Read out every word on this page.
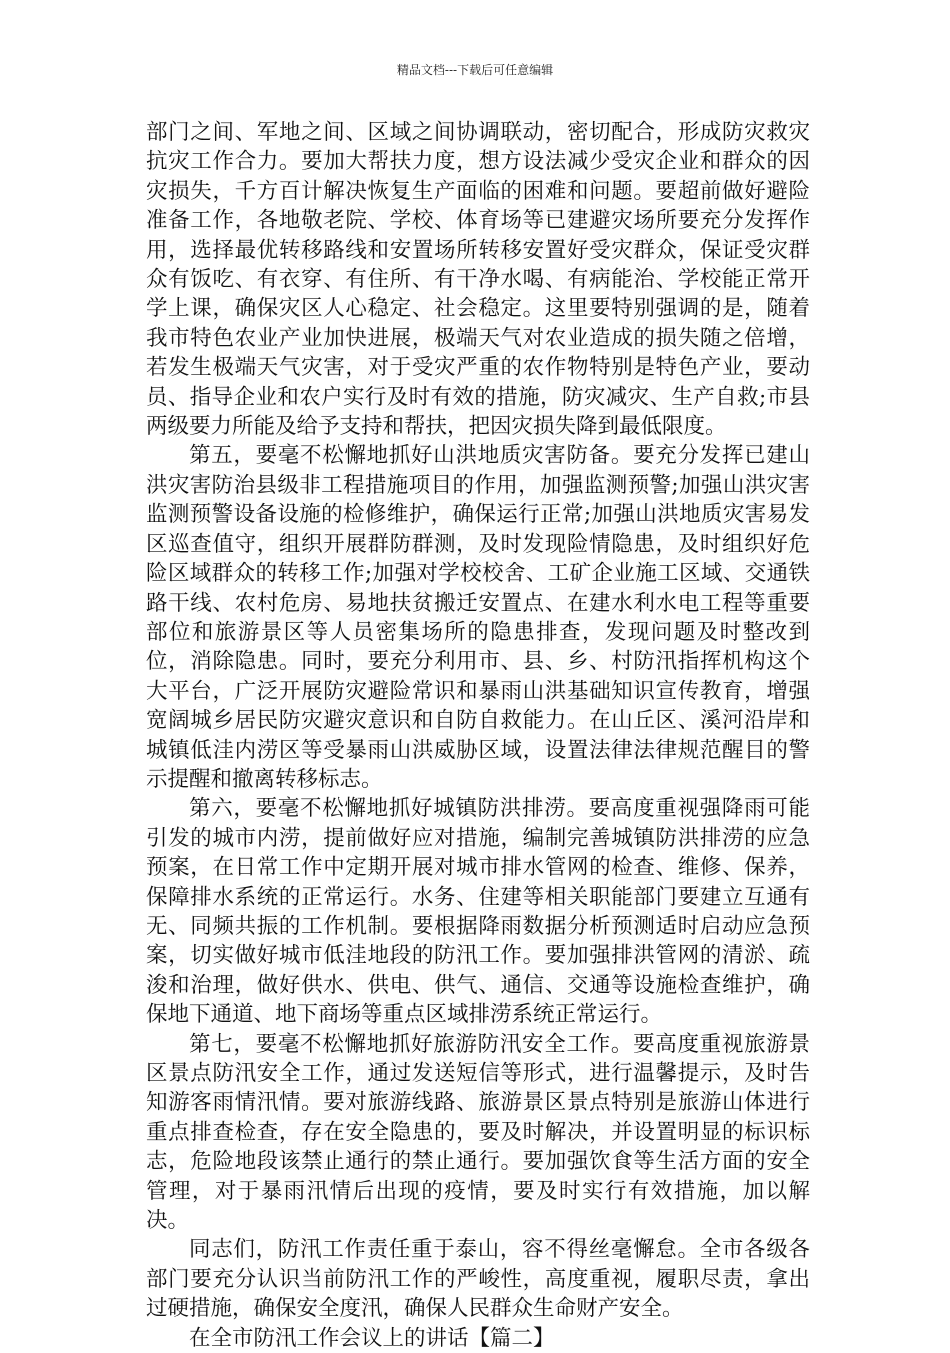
精品文档---下载后可任意编辑

部门之间、军地之间、区域之间协调联动，密切配合，形成防灾救灾抗灾工作合力。要加大帮扶力度，想方设法减少受灾企业和群众的因灾损失，千方百计解决恢复生产面临的困难和问题。要超前做好避险准备工作，各地敬老院、学校、体育场等已建避灾场所要充分发挥作用，选择最优转移路线和安置场所转移安置好受灾群众，保证受灾群众有饭吃、有衣穿、有住所、有干净水喝、有病能治、学校能正常开学上课，确保灾区人心稳定、社会稳定。这里要特别强调的是，随着我市特色农业产业加快进展，极端天气对农业造成的损失随之倍增，若发生极端天气灾害，对于受灾严重的农作物特别是特色产业，要动员、指导企业和农户实行及时有效的措施，防灾减灾、生产自救;市县两级要力所能及给予支持和帮扶，把因灾损失降到最低限度。

第五，要毫不松懈地抓好山洪地质灾害防备。要充分发挥已建山洪灾害防治县级非工程措施项目的作用，加强监测预警;加强山洪灾害监测预警设备设施的检修维护，确保运行正常;加强山洪地质灾害易发区巡查值守，组织开展群防群测，及时发现险情隐患，及时组织好危险区域群众的转移工作;加强对学校校舍、工矿企业施工区域、交通铁路干线、农村危房、易地扶贫搬迁安置点、在建水利水电工程等重要部位和旅游景区等人员密集场所的隐患排查，发现问题及时整改到位，消除隐患。同时，要充分利用市、县、乡、村防汛指挥机构这个大平台，广泛开展防灾避险常识和暴雨山洪基础知识宣传教育，增强宽阔城乡居民防灾避灾意识和自防自救能力。在山丘区、溪河沿岸和城镇低洼内涝区等受暴雨山洪威胁区域，设置法律法律规范醒目的警示提醒和撤离转移标志。

第六，要毫不松懈地抓好城镇防洪排涝。要高度重视强降雨可能引发的城市内涝，提前做好应对措施，编制完善城镇防洪排涝的应急预案，在日常工作中定期开展对城市排水管网的检查、维修、保养，保障排水系统的正常运行。水务、住建等相关职能部门要建立互通有无、同频共振的工作机制。要根据降雨数据分析预测适时启动应急预案，切实做好城市低洼地段的防汛工作。要加强排洪管网的清淤、疏浚和治理，做好供水、供电、供气、通信、交通等设施检查维护，确保地下通道、地下商场等重点区域排涝系统正常运行。

第七，要毫不松懈地抓好旅游防汛安全工作。要高度重视旅游景区景点防汛安全工作，通过发送短信等形式，进行温馨提示，及时告知游客雨情汛情。要对旅游线路、旅游景区景点特别是旅游山体进行重点排查检查，存在安全隐患的，要及时解决，并设置明显的标识标志，危险地段该禁止通行的禁止通行。要加强饮食等生活方面的安全管理，对于暴雨汛情后出现的疫情，要及时实行有效措施，加以解决。

同志们，防汛工作责任重于泰山，容不得丝毫懈怠。全市各级各部门要充分认识当前防汛工作的严峻性，高度重视，履职尽责，拿出过硬措施，确保安全度汛，确保人民群众生命财产安全。

在全市防汛工作会议上的讲话【篇二】
